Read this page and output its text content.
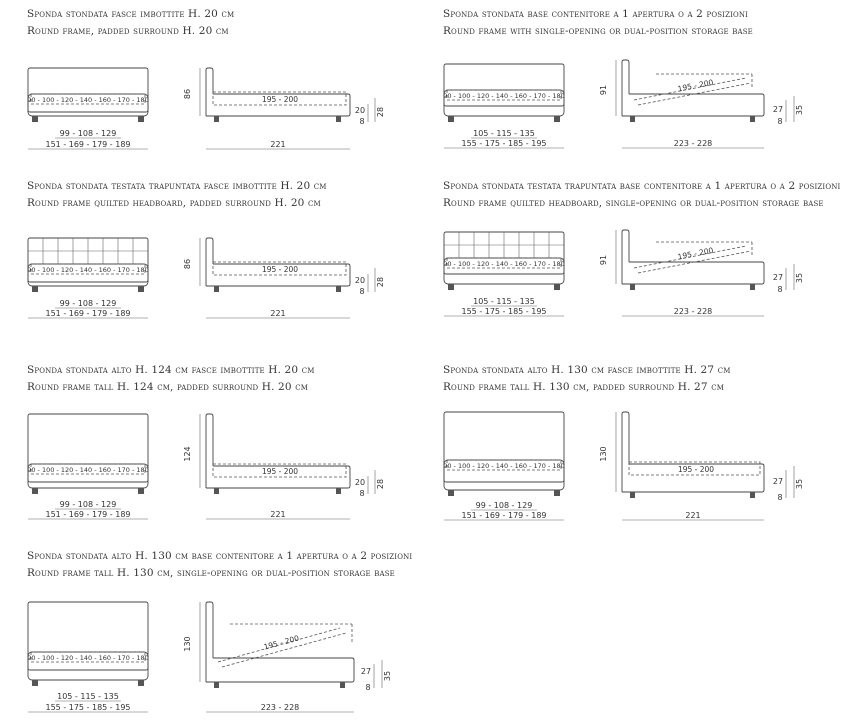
Sponda stondata fasce imbottite H. 20 cm
Round frame, padded surround H. 20 cm
90 - 100 - 120 - 140 - 160 - 170 - 180
99 - 108 - 129
151 - 169 - 179 - 189
86
195 - 200
20
8
28
221
Sponda stondata base contenitore a 1 apertura o a 2 posizioni
Round frame with single-opening or dual-position storage base
90 - 100 - 120 - 140 - 160 - 170 - 180
105 - 115 - 135
155 - 175 - 185 - 195
91	195 - 200
27
8
35
223 - 228
Sponda stondata testata trapuntata fasce imbottite H. 20 cm
Round frame quilted headboard, padded surround H. 20 cm
90 - 100 - 120 - 140 - 160 - 170 - 180
99 - 108 - 129
151 - 169 - 179 - 189
86
195 - 200
20
8
28
221
Sponda stondata testata trapuntata base contenitore a 1 apertura o a 2 posizioni
Round frame quilted headboard, single-opening or dual-position storage base
90 - 100 - 120 - 140 - 160 - 170 - 180
105 - 115 - 135
155 - 175 - 185 - 195
91	195 - 200
27
8
35
223 - 228
Sponda stondata alto H. 124 cm fasce imbottite H. 20 cm
Round frame tall H. 124 cm, padded surround H. 20 cm
90 - 100 - 120 - 140 - 160 - 170 - 180
99 - 108 - 129
151 - 169 - 179 - 189
124
195 - 200
20
8
28
221
Sponda stondata alto H. 130 cm fasce imbottite H. 27 cm
Round frame tall H. 130 cm, padded surround H. 27 cm
90 - 100 - 120 - 140 - 160 - 170 - 180
99 - 108 - 129
151 - 169 - 179 - 189
130
195 - 200
27
8
35
221
Sponda stondata alto H. 130 cm base contenitore a 1 apertura o a 2 posizioni
Round frame tall H. 130 cm, single-opening or dual-position storage base
90 - 100 - 120 - 140 - 160 - 170 - 180
105 - 115 - 135
155 - 175 - 185 - 195
130	195 - 200
27
8
35
223 - 228
